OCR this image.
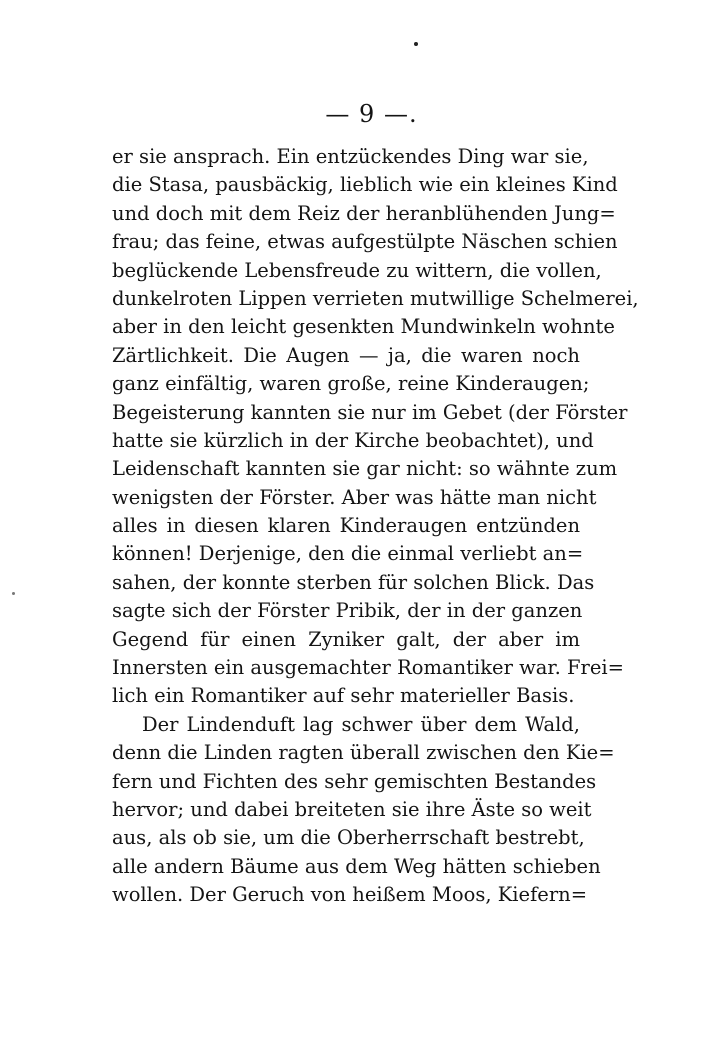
— 9 —.
er sie ansprach. Ein entzückendes Ding war sie,
die Stasa, pausbäckig, lieblich wie ein kleines Kind
und doch mit dem Reiz der heranblühenden Jung=
frau; das feine, etwas aufgestülpte Näschen schien
beglückende Lebensfreude zu wittern, die vollen,
dunkelroten Lippen verrieten mutwillige Schelmerei,
aber in den leicht gesenkten Mundwinkeln wohnte
Zärtlichkeit. Die Augen — ja, die waren noch
ganz einfältig, waren große, reine Kinderaugen;
Begeisterung kannten sie nur im Gebet (der Förster
hatte sie kürzlich in der Kirche beobachtet), und
Leidenschaft kannten sie gar nicht: so wähnte zum
wenigsten der Förster. Aber was hätte man nicht
alles in diesen klaren Kinderaugen entzünden
können! Derjenige, den die einmal verliebt an=
sahen, der konnte sterben für solchen Blick. Das
sagte sich der Förster Pribik, der in der ganzen
Gegend für einen Zyniker galt, der aber im
Innersten ein ausgemachter Romantiker war. Frei=
lich ein Romantiker auf sehr materieller Basis.
Der Lindenduft lag schwer über dem Wald,
denn die Linden ragten überall zwischen den Kie=
fern und Fichten des sehr gemischten Bestandes
hervor; und dabei breiteten sie ihre Äste so weit
aus, als ob sie, um die Oberherrschaft bestrebt,
alle andern Bäume aus dem Weg hätten schieben
wollen. Der Geruch von heißem Moos, Kiefern=
